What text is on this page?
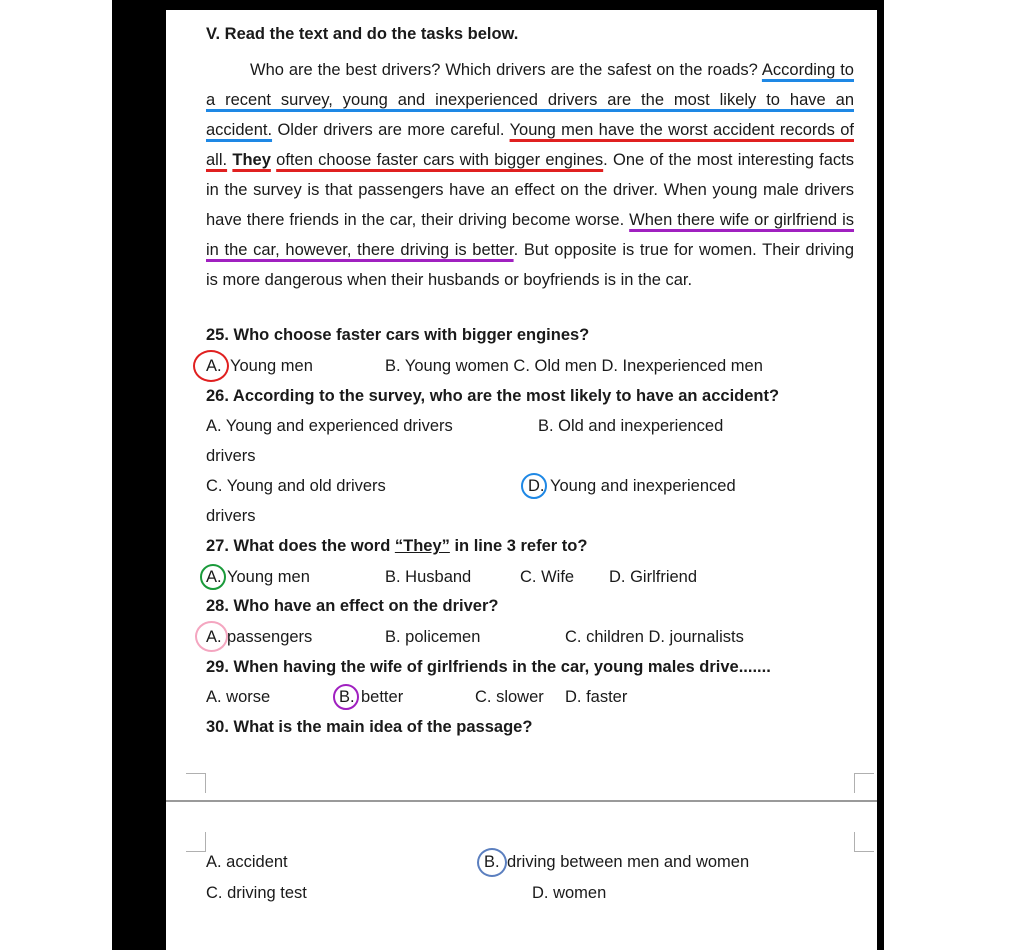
V. Read the text and do the tasks below.
Who are the best drivers? Which drivers are the safest on the roads? According to a recent survey, young and inexperienced drivers are the most likely to have an accident. Older drivers are more careful. Young men have the worst accident records of all. They often choose faster cars with bigger engines. One of the most interesting facts in the survey is that passengers have an effect on the driver. When young male drivers have there friends in the car, their driving become worse. When there wife or girlfriend is in the car, however, there driving is better. But opposite is true for women. Their driving is more dangerous when their husbands or boyfriends is in the car.
25. Who choose faster cars with bigger engines?
A. Young men	B. Young women C. Old men D. Inexperienced men
26. According to the survey, who are the most likely to have an accident?
A. Young and experienced drivers	B. Old and inexperienced
drivers
C. Young and old drivers	D. Young and inexperienced
drivers
27. What does the word “They” in line 3 refer to?
A. Young men	B. Husband	C. Wife D. Girlfriend
28. Who have an effect on the driver?
A. passengers	B. policemen	C. children D. journalists
29. When having the wife of girlfriends in the car, young males drive.......
A. worse	B. better	C. slower D. faster
30. What is the main idea of the passage?
A. accident	B. driving between men and women
C. driving test	D. women
